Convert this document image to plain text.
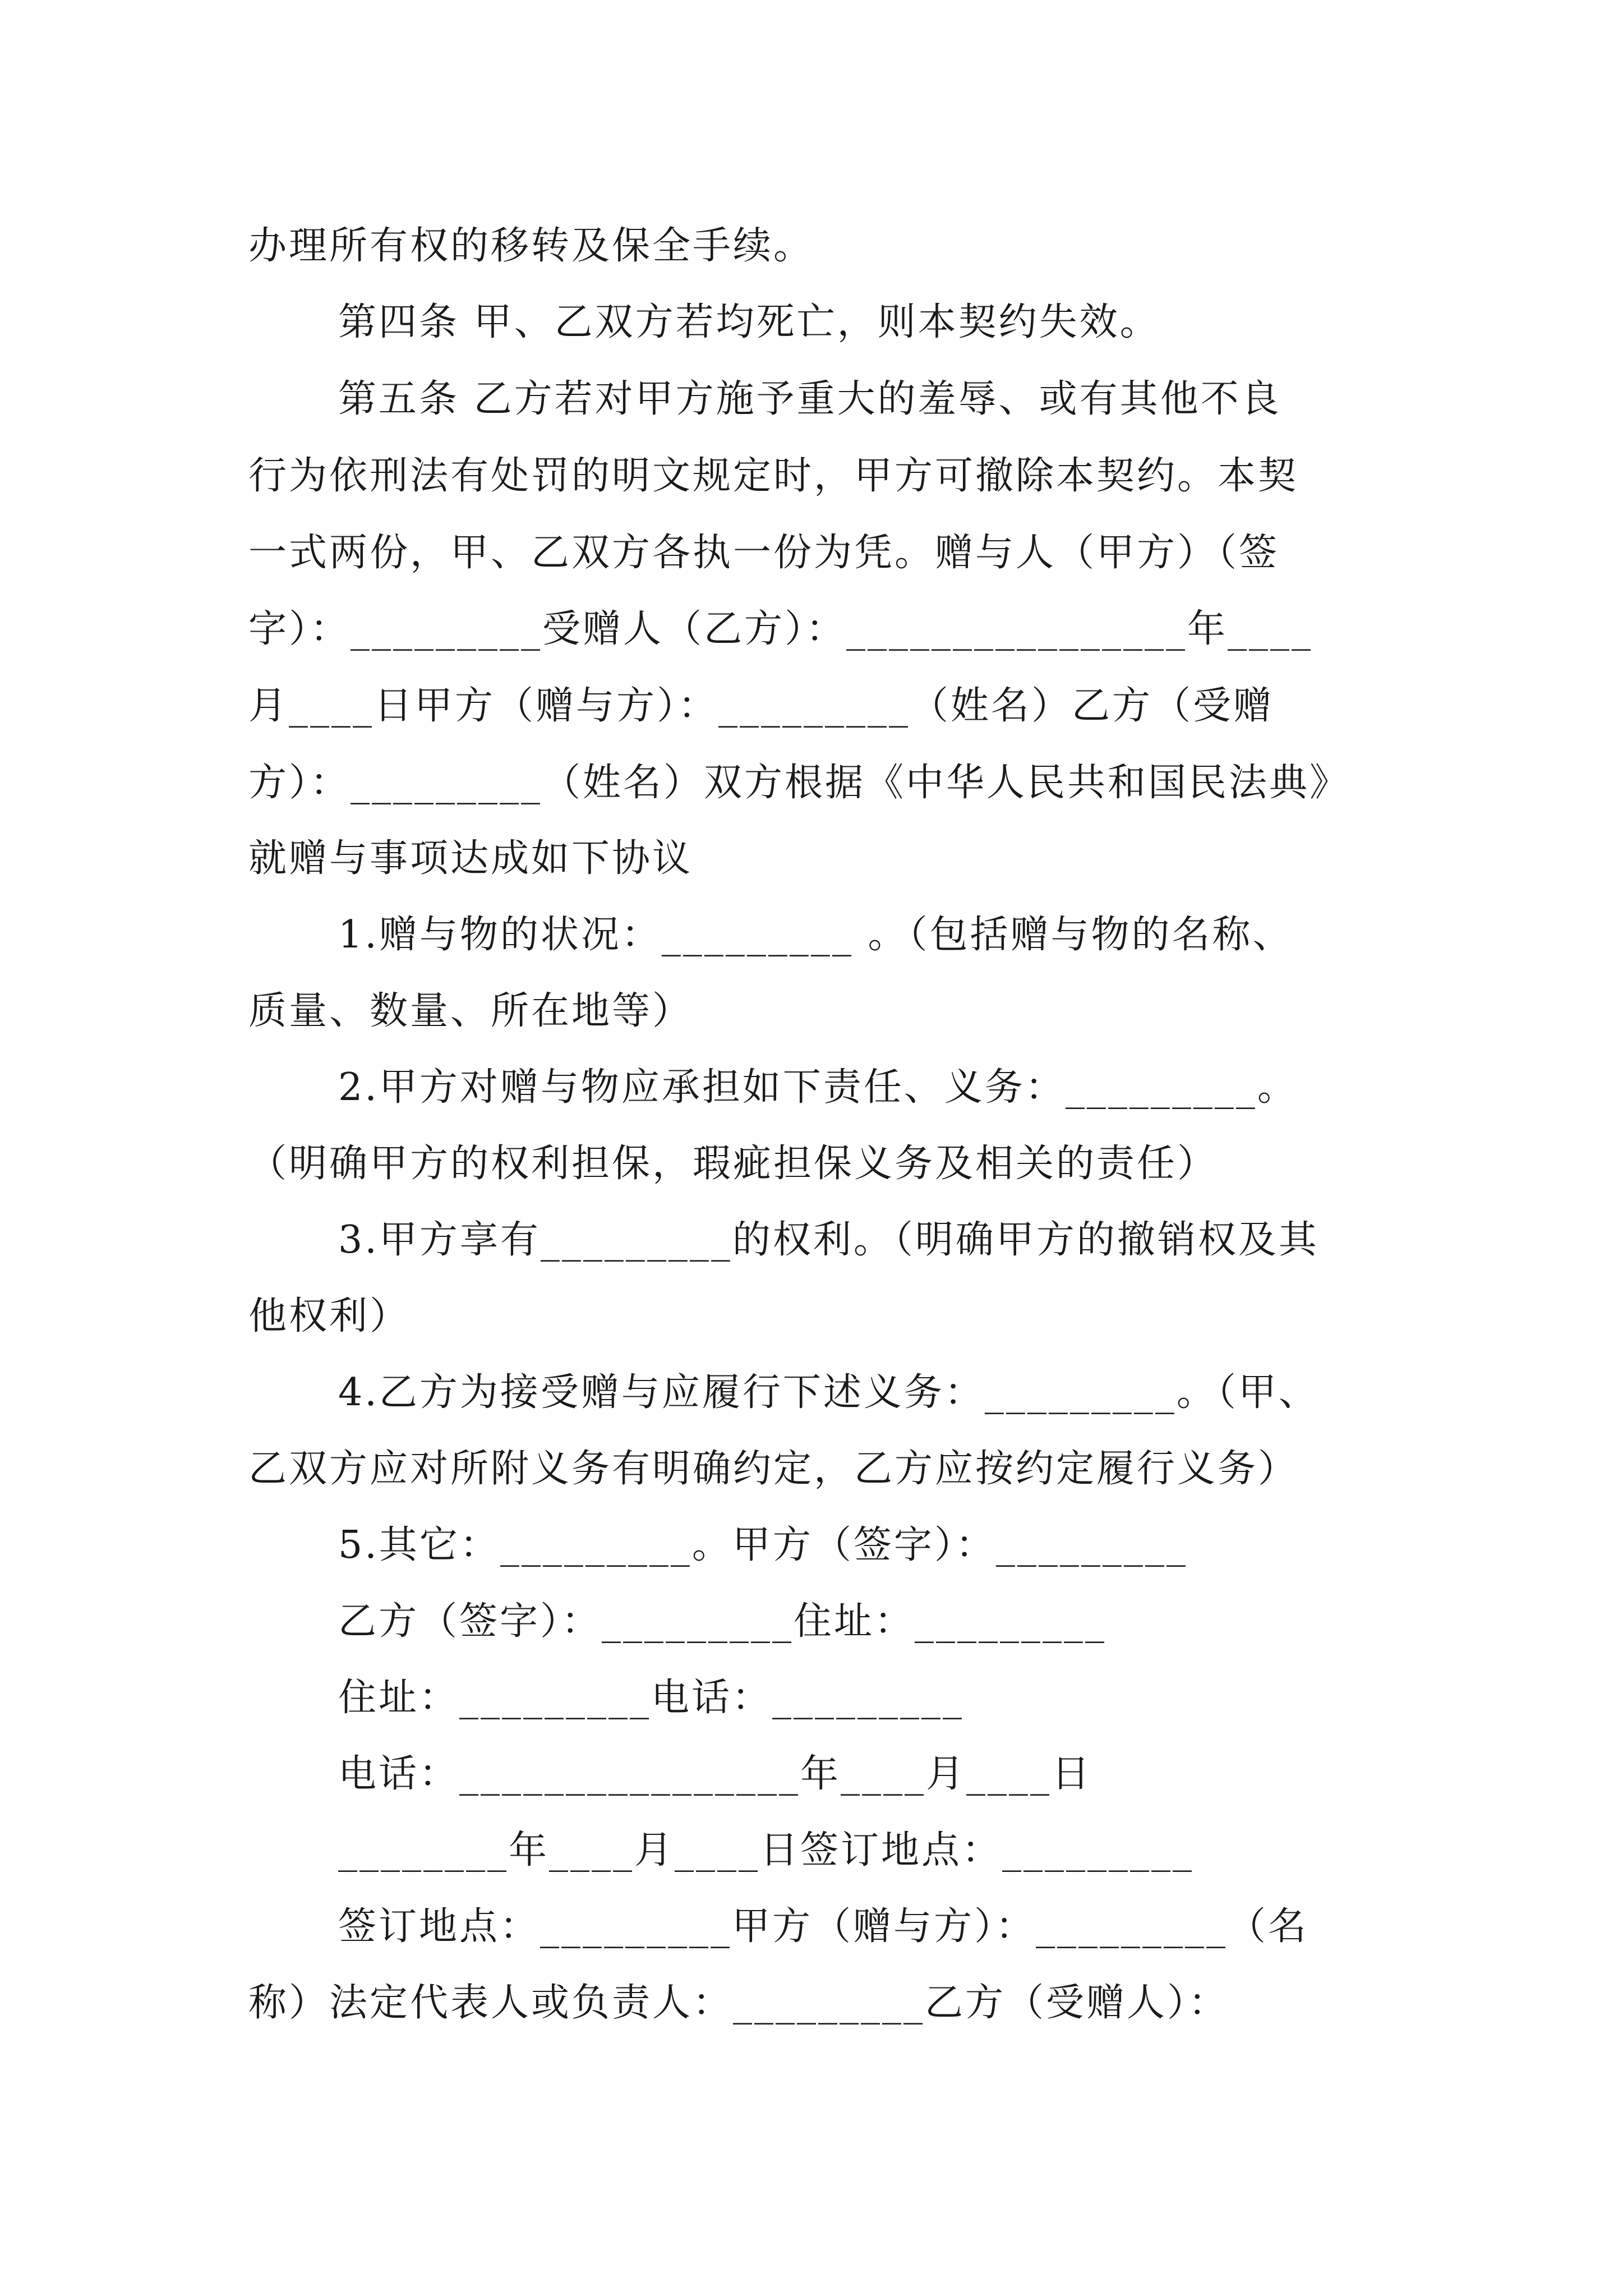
办理所有权的移转及保全手续。
第四条 甲、乙双方若均死亡，则本契约失效。
第五条 乙方若对甲方施予重大的羞辱、或有其他不良
行为依刑法有处罚的明文规定时，甲方可撤除本契约。本契
一式两份，甲、乙双方各执一份为凭。赠与人（甲方）（签
字）：_________受赠人（乙方）：________________年____
月____日甲方（赠与方）：_________（姓名）乙方（受赠
方）：_________（姓名）双方根据《中华人民共和国民法典》
就赠与事项达成如下协议
1.赠与物的状况：_________ 。（包括赠与物的名称、
质量、数量、所在地等）
2.甲方对赠与物应承担如下责任、义务：_________。
（明确甲方的权利担保，瑕疵担保义务及相关的责任）
3.甲方享有_________的权利。（明确甲方的撤销权及其
他权利）
4.乙方为接受赠与应履行下述义务：_________。（甲、
乙双方应对所附义务有明确约定，乙方应按约定履行义务）
5.其它：_________。甲方（签字）：_________
乙方（签字）：_________住址：_________
住址：_________电话：_________
电话：________________年____月____日
________年____月____日签订地点：_________
签订地点：_________甲方（赠与方）：_________（名
称）法定代表人或负责人：_________乙方（受赠人）：
